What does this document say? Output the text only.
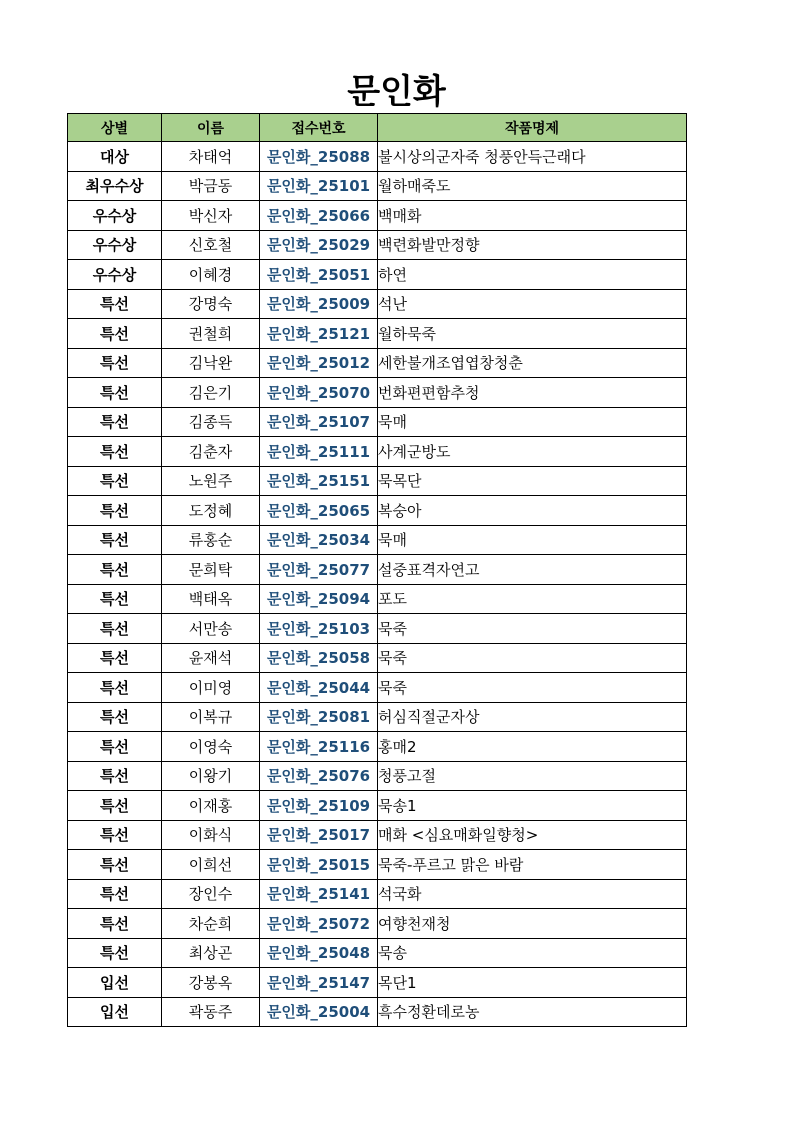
문인화
상별	이름	접수번호	작품명제
대상	차태억	문인화_25088	불시상의군자죽 청풍안득근래다
최우수상	박금동	문인화_25101	월하매죽도
우수상	박신자	문인화_25066	백매화
우수상	신호철	문인화_25029	백련화발만정향
우수상	이혜경	문인화_25051	하연
특선	강명숙	문인화_25009	석난
특선	권철희	문인화_25121	월하묵죽
특선	김낙완	문인화_25012	세한불개조엽엽창청춘
특선	김은기	문인화_25070	번화편편함추청
특선	김종득	문인화_25107	묵매
특선	김춘자	문인화_25111	사계군방도
특선	노원주	문인화_25151	묵목단
특선	도정혜	문인화_25065	복숭아
특선	류홍순	문인화_25034	묵매
특선	문희탁	문인화_25077	설중표격자연고
특선	백태옥	문인화_25094	포도
특선	서만송	문인화_25103	묵죽
특선	윤재석	문인화_25058	묵죽
특선	이미영	문인화_25044	묵죽
특선	이복규	문인화_25081	허심직절군자상
특선	이영숙	문인화_25116	홍매2
특선	이왕기	문인화_25076	청풍고절
특선	이재홍	문인화_25109	묵송1
특선	이화식	문인화_25017	매화 <심요매화일향청>
특선	이희선	문인화_25015	묵죽-푸르고 맑은 바람
특선	장인수	문인화_25141	석국화
특선	차순희	문인화_25072	여향천재청
특선	최상곤	문인화_25048	묵송
입선	강봉옥	문인화_25147	목단1
입선	곽동주	문인화_25004	흑수정환데로농
